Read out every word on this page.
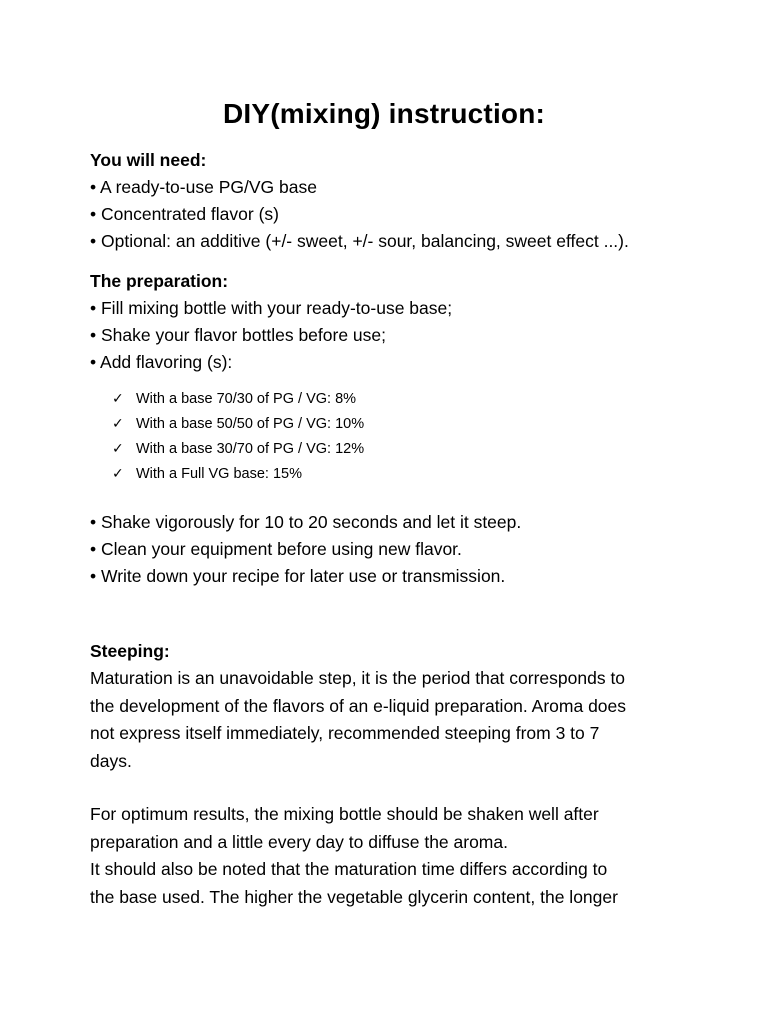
DIY(mixing) instruction:
You will need:
• A ready-to-use PG/VG base
• Concentrated flavor (s)
• Optional: an additive (+/- sweet, +/- sour, balancing, sweet effect ...).
The preparation:
• Fill mixing bottle with your ready-to-use base;
• Shake your flavor bottles before use;
• Add flavoring (s):
✓ With a base 70/30 of PG / VG: 8%
✓ With a base 50/50 of PG / VG: 10%
✓ With a base 30/70 of PG / VG: 12%
✓ With a Full VG base: 15%
• Shake vigorously for 10 to 20 seconds and let it steep.
• Clean your equipment before using new flavor.
• Write down your recipe for later use or transmission.
Steeping:
Maturation is an unavoidable step, it is the period that corresponds to
the development of the flavors of an e-liquid preparation. Aroma does
not express itself immediately, recommended steeping from 3 to 7
days.
For optimum results, the mixing bottle should be shaken well after
preparation and a little every day to diffuse the aroma.
It should also be noted that the maturation time differs according to
the base used. The higher the vegetable glycerin content, the longer
